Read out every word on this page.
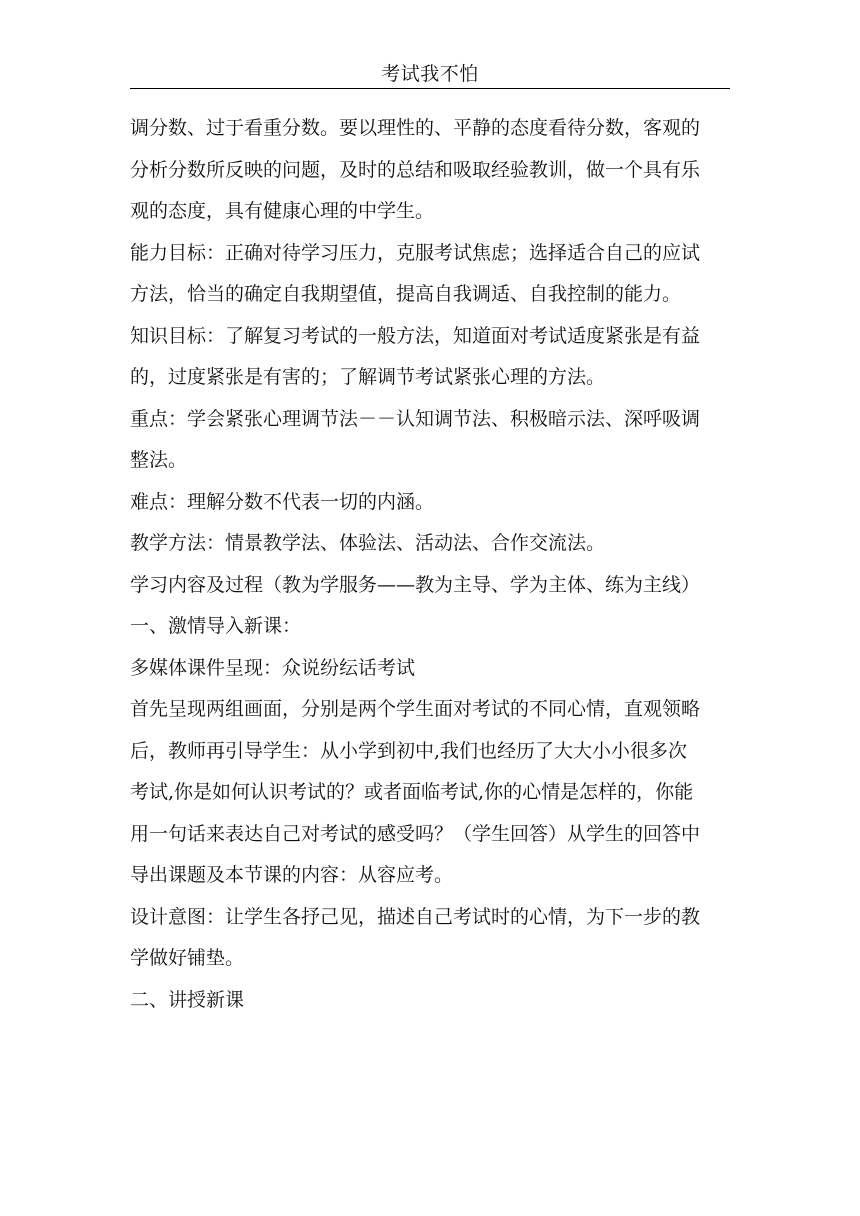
考试我不怕
调分数、过于看重分数。要以理性的、平静的态度看待分数，客观的
分析分数所反映的问题，及时的总结和吸取经验教训，做一个具有乐
观的态度，具有健康心理的中学生。
能力目标：正确对待学习压力，克服考试焦虑；选择适合自己的应试
方法，恰当的确定自我期望值，提高自我调适、自我控制的能力。
知识目标：了解复习考试的一般方法，知道面对考试适度紧张是有益
的，过度紧张是有害的；了解调节考试紧张心理的方法。
重点：学会紧张心理调节法－－认知调节法、积极暗示法、深呼吸调
整法。
难点：理解分数不代表一切的内涵。
教学方法：情景教学法、体验法、活动法、合作交流法。
学习内容及过程（教为学服务——教为主导、学为主体、练为主线）
一、激情导入新课：
多媒体课件呈现：众说纷纭话考试
首先呈现两组画面，分别是两个学生面对考试的不同心情，直观领略
后，教师再引导学生：从小学到初中,我们也经历了大大小小很多次
考试,你是如何认识考试的？或者面临考试,你的心情是怎样的，你能
用一句话来表达自己对考试的感受吗？（学生回答）从学生的回答中
导出课题及本节课的内容：从容应考。
设计意图：让学生各抒己见，描述自己考试时的心情，为下一步的教
学做好铺垫。
二、讲授新课
